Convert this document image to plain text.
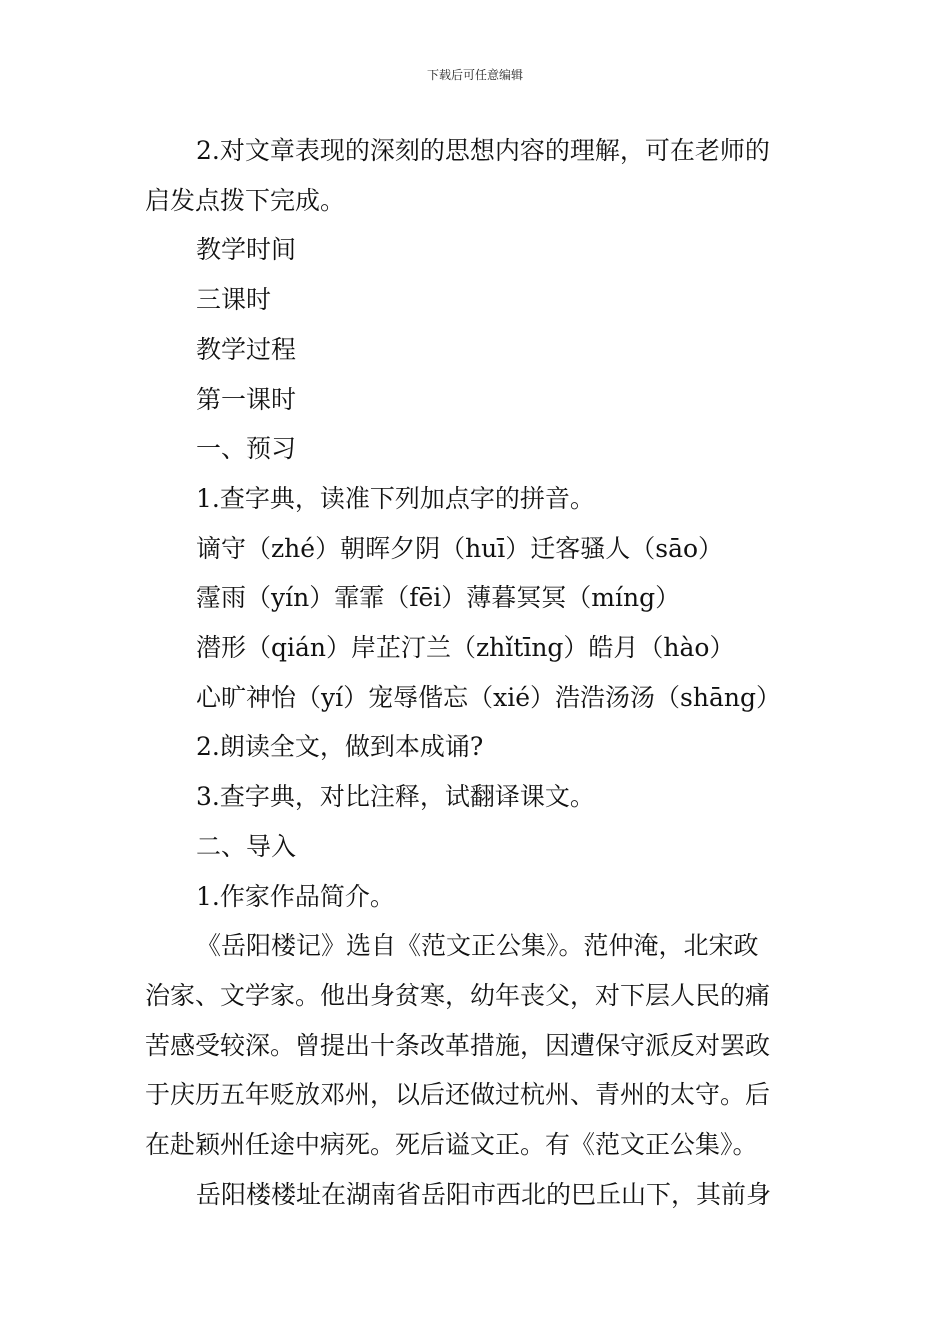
下载后可任意编辑
2.对文章表现的深刻的思想内容的理解，可在老师的
启发点拨下完成。
教学时间
三课时
教学过程
第一课时
一、预习
1.查字典，读准下列加点字的拼音。
谪守（zhé）朝晖夕阴（huī）迁客骚人（sāo）
霪雨（yín）霏霏（fēi）薄暮冥冥（míng）
潜形（qián）岸芷汀兰（zhǐtīng）皓月（hào）
心旷神怡（yí）宠辱偕忘（xié）浩浩汤汤（shāng）
2.朗读全文，做到本成诵?
3.查字典，对比注释，试翻译课文。
二、导入
1.作家作品简介。
《岳阳楼记》选自《范文正公集》。范仲淹，北宋政
治家、文学家。他出身贫寒，幼年丧父，对下层人民的痛
苦感受较深。曾提出十条改革措施，因遭保守派反对罢政
于庆历五年贬放邓州，以后还做过杭州、青州的太守。后
在赴颖州任途中病死。死后谥文正。有《范文正公集》。
岳阳楼楼址在湖南省岳阳市西北的巴丘山下，其前身
